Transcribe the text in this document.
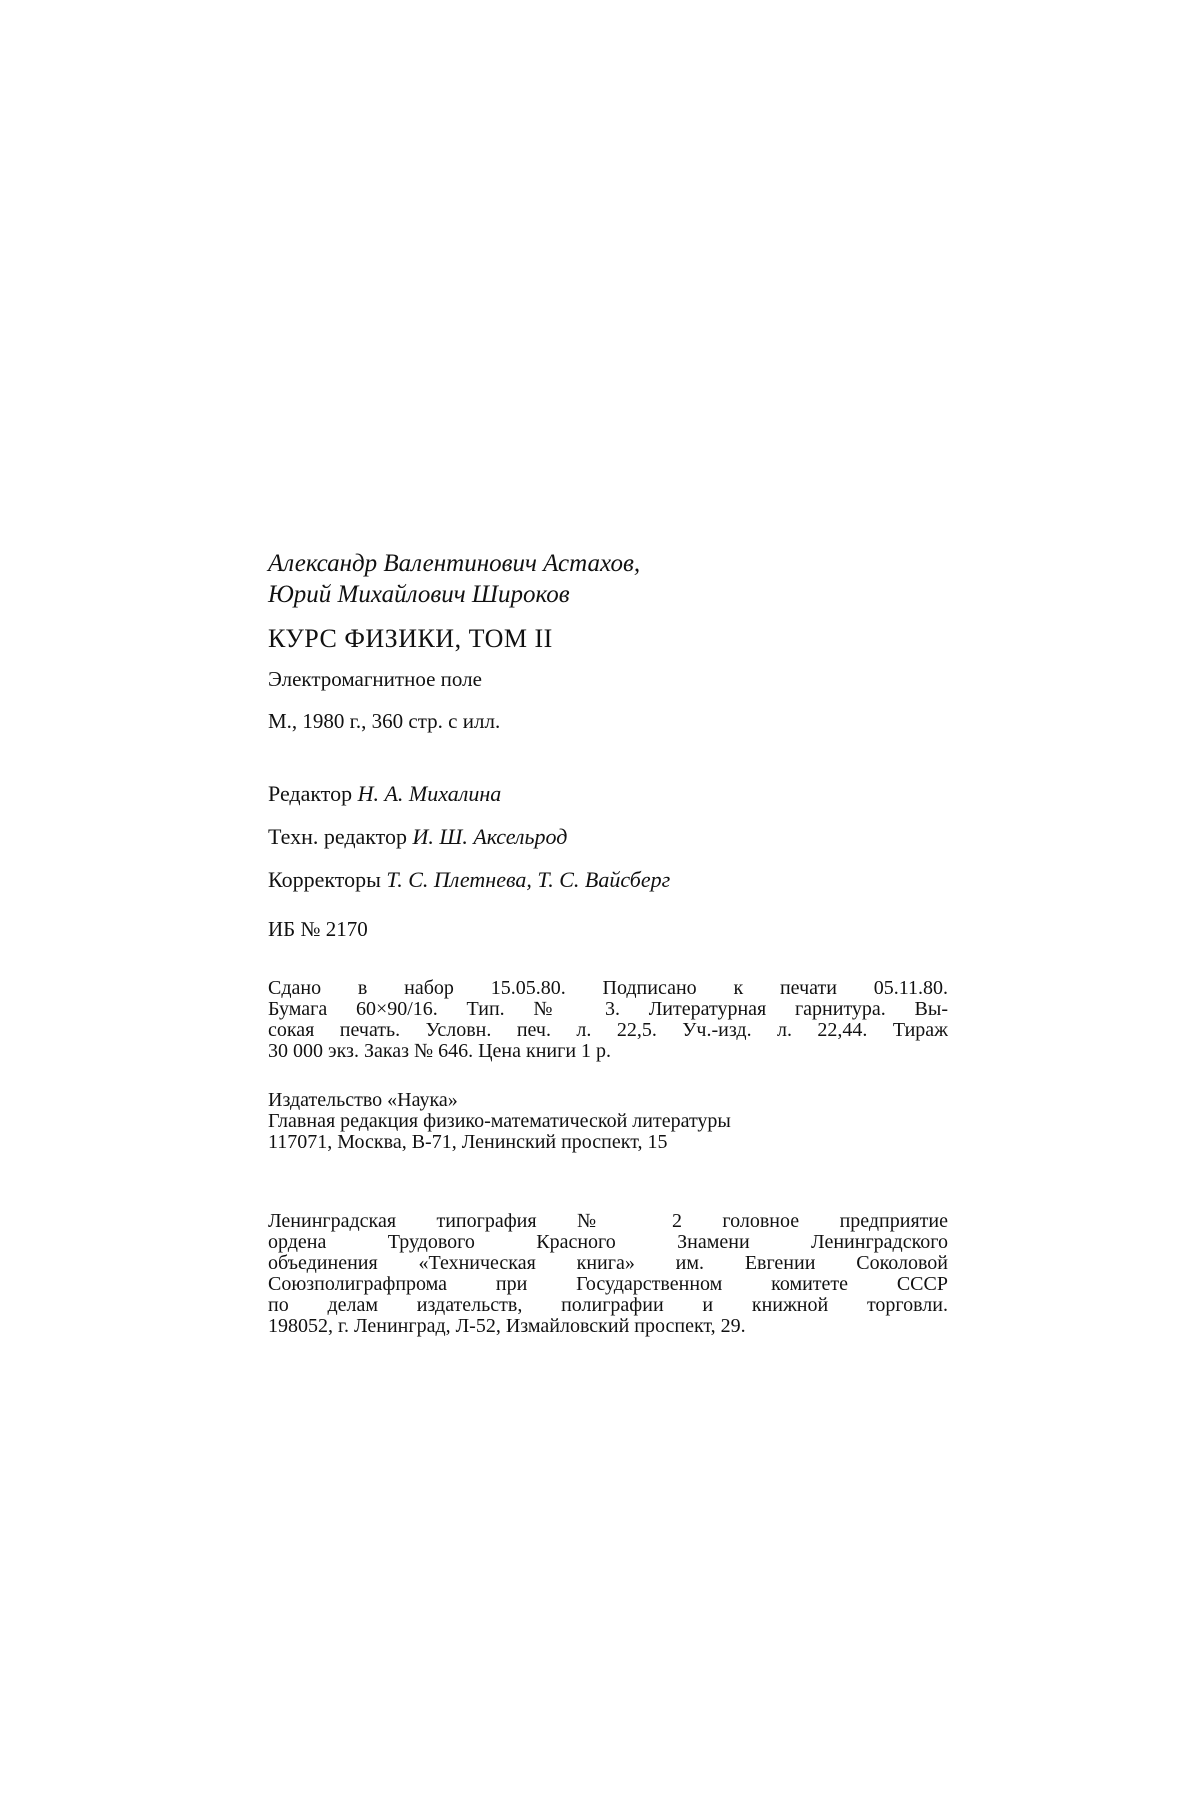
Александр Валентинович Астахов,
Юрий Михайлович Широков
КУРС ФИЗИКИ, ТОМ II
Электромагнитное поле
М., 1980 г., 360 стр. с илл.
Редактор Н. А. Михалина
Техн. редактор И. Ш. Аксельрод
Корректоры Т. С. Плетнева, Т. С. Вайсберг
ИБ № 2170
Сдано в набор 15.05.80. Подписано к печати 05.11.80.
Бумага 60×90/16. Тип. № 3. Литературная гарнитура. Вы-
сокая печать. Условн. печ. л. 22,5. Уч.-изд. л. 22,44. Тираж
30 000 экз. Заказ № 646. Цена книги 1 р.
Издательство «Наука»
Главная редакция физико-математической литературы
117071, Москва, В-71, Ленинский проспект, 15
Ленинградская типография № 2 головное предприятие
ордена Трудового Красного Знамени Ленинградского
объединения «Техническая книга» им. Евгении Соколовой
Союзполиграфпрома при Государственном комитете СССР
по делам издательств, полиграфии и книжной торговли.
198052, г. Ленинград, Л-52, Измайловский проспект, 29.
